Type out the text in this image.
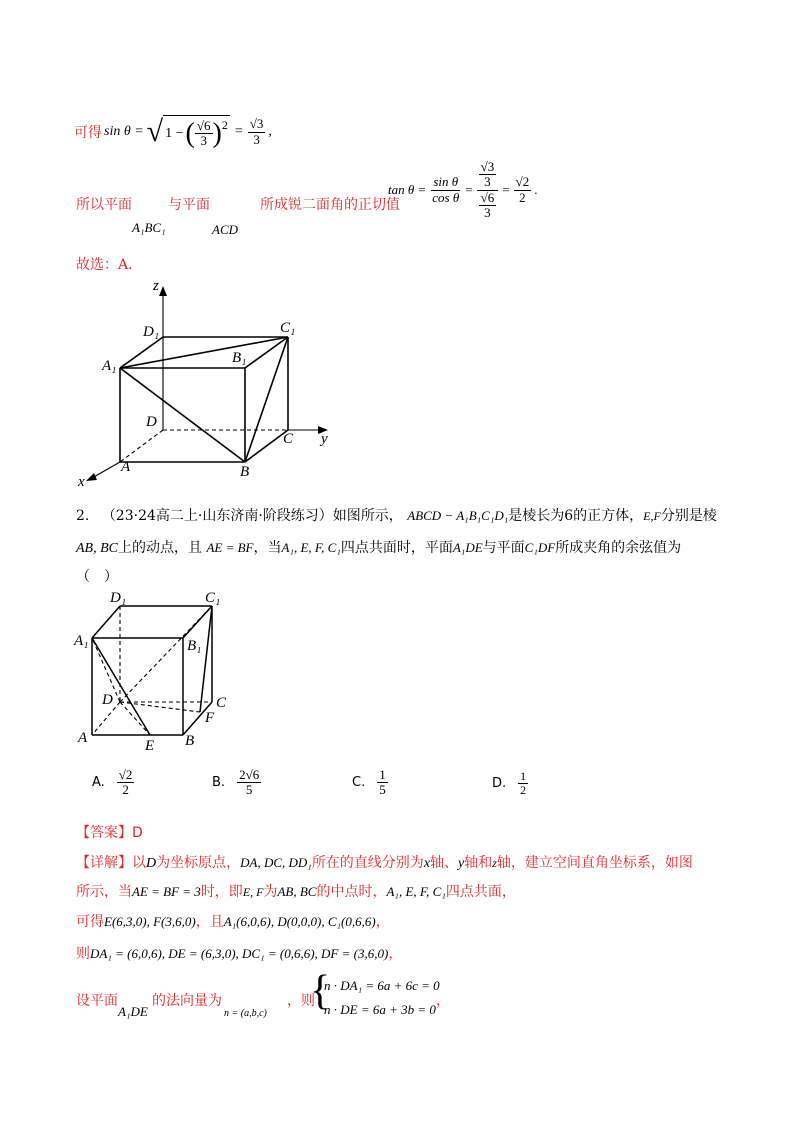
可得 sin θ = √ 1 − ( $\frac{√6}{3}$ ) $2 = \frac{√3}{3}$ ,
所以平面	与平面	所成锐二面角的正切值
A₁BC₁	ACD
$\tan \theta = \frac{\text{sin θ}}{\text{cos θ}} = √3$
3
√6
$3 = \frac{√2}{2}$ .
故选：A.
z
x
y
D₁	C₁
A₁	B₁
D
C
A	B
2. （23·24高二上·山东济南·阶段练习）如图所示， ABCD − A₁B₁C₁D₁是棱长为6的正方体，E,F分别是棱
AB, BC上的动点，且 AE = BF，当A₁, E, F, C₁四点共面时，平面A₁DE与平面C₁DF所成夹角的余弦值为
（　）
D₁	C₁
A₁	B₁
D	C
F
A	E B
A. $\frac{√2}{2}$	B. $\frac{2√6}{5}$	C. $\frac{1}{5}$	D. $\frac{1}{2}$
【答案】D
【详解】以D为坐标原点，DA, DC, DD₁所在的直线分别为x轴、y轴和z轴，建立空间直角坐标系，如图
所示，当AE = BF = 3时，即E, F为AB, BC的中点时，A₁, E, F, C₁四点共面，
可得E(6,3,0), F(3,6,0)，且A₁(6,0,6), D(0,0,0), C₁(0,6,6)，
则DA₁ = (6,0,6), DE = (6,3,0), DC₁ = (0,6,6), DF = (3,6,0)，
设平面
A₁DE
的法向量为
n = (a,b,c)
，则
{
n · DA₁ = 6a + 6c = 0
n · DE = 6a + 3b = 0
，
